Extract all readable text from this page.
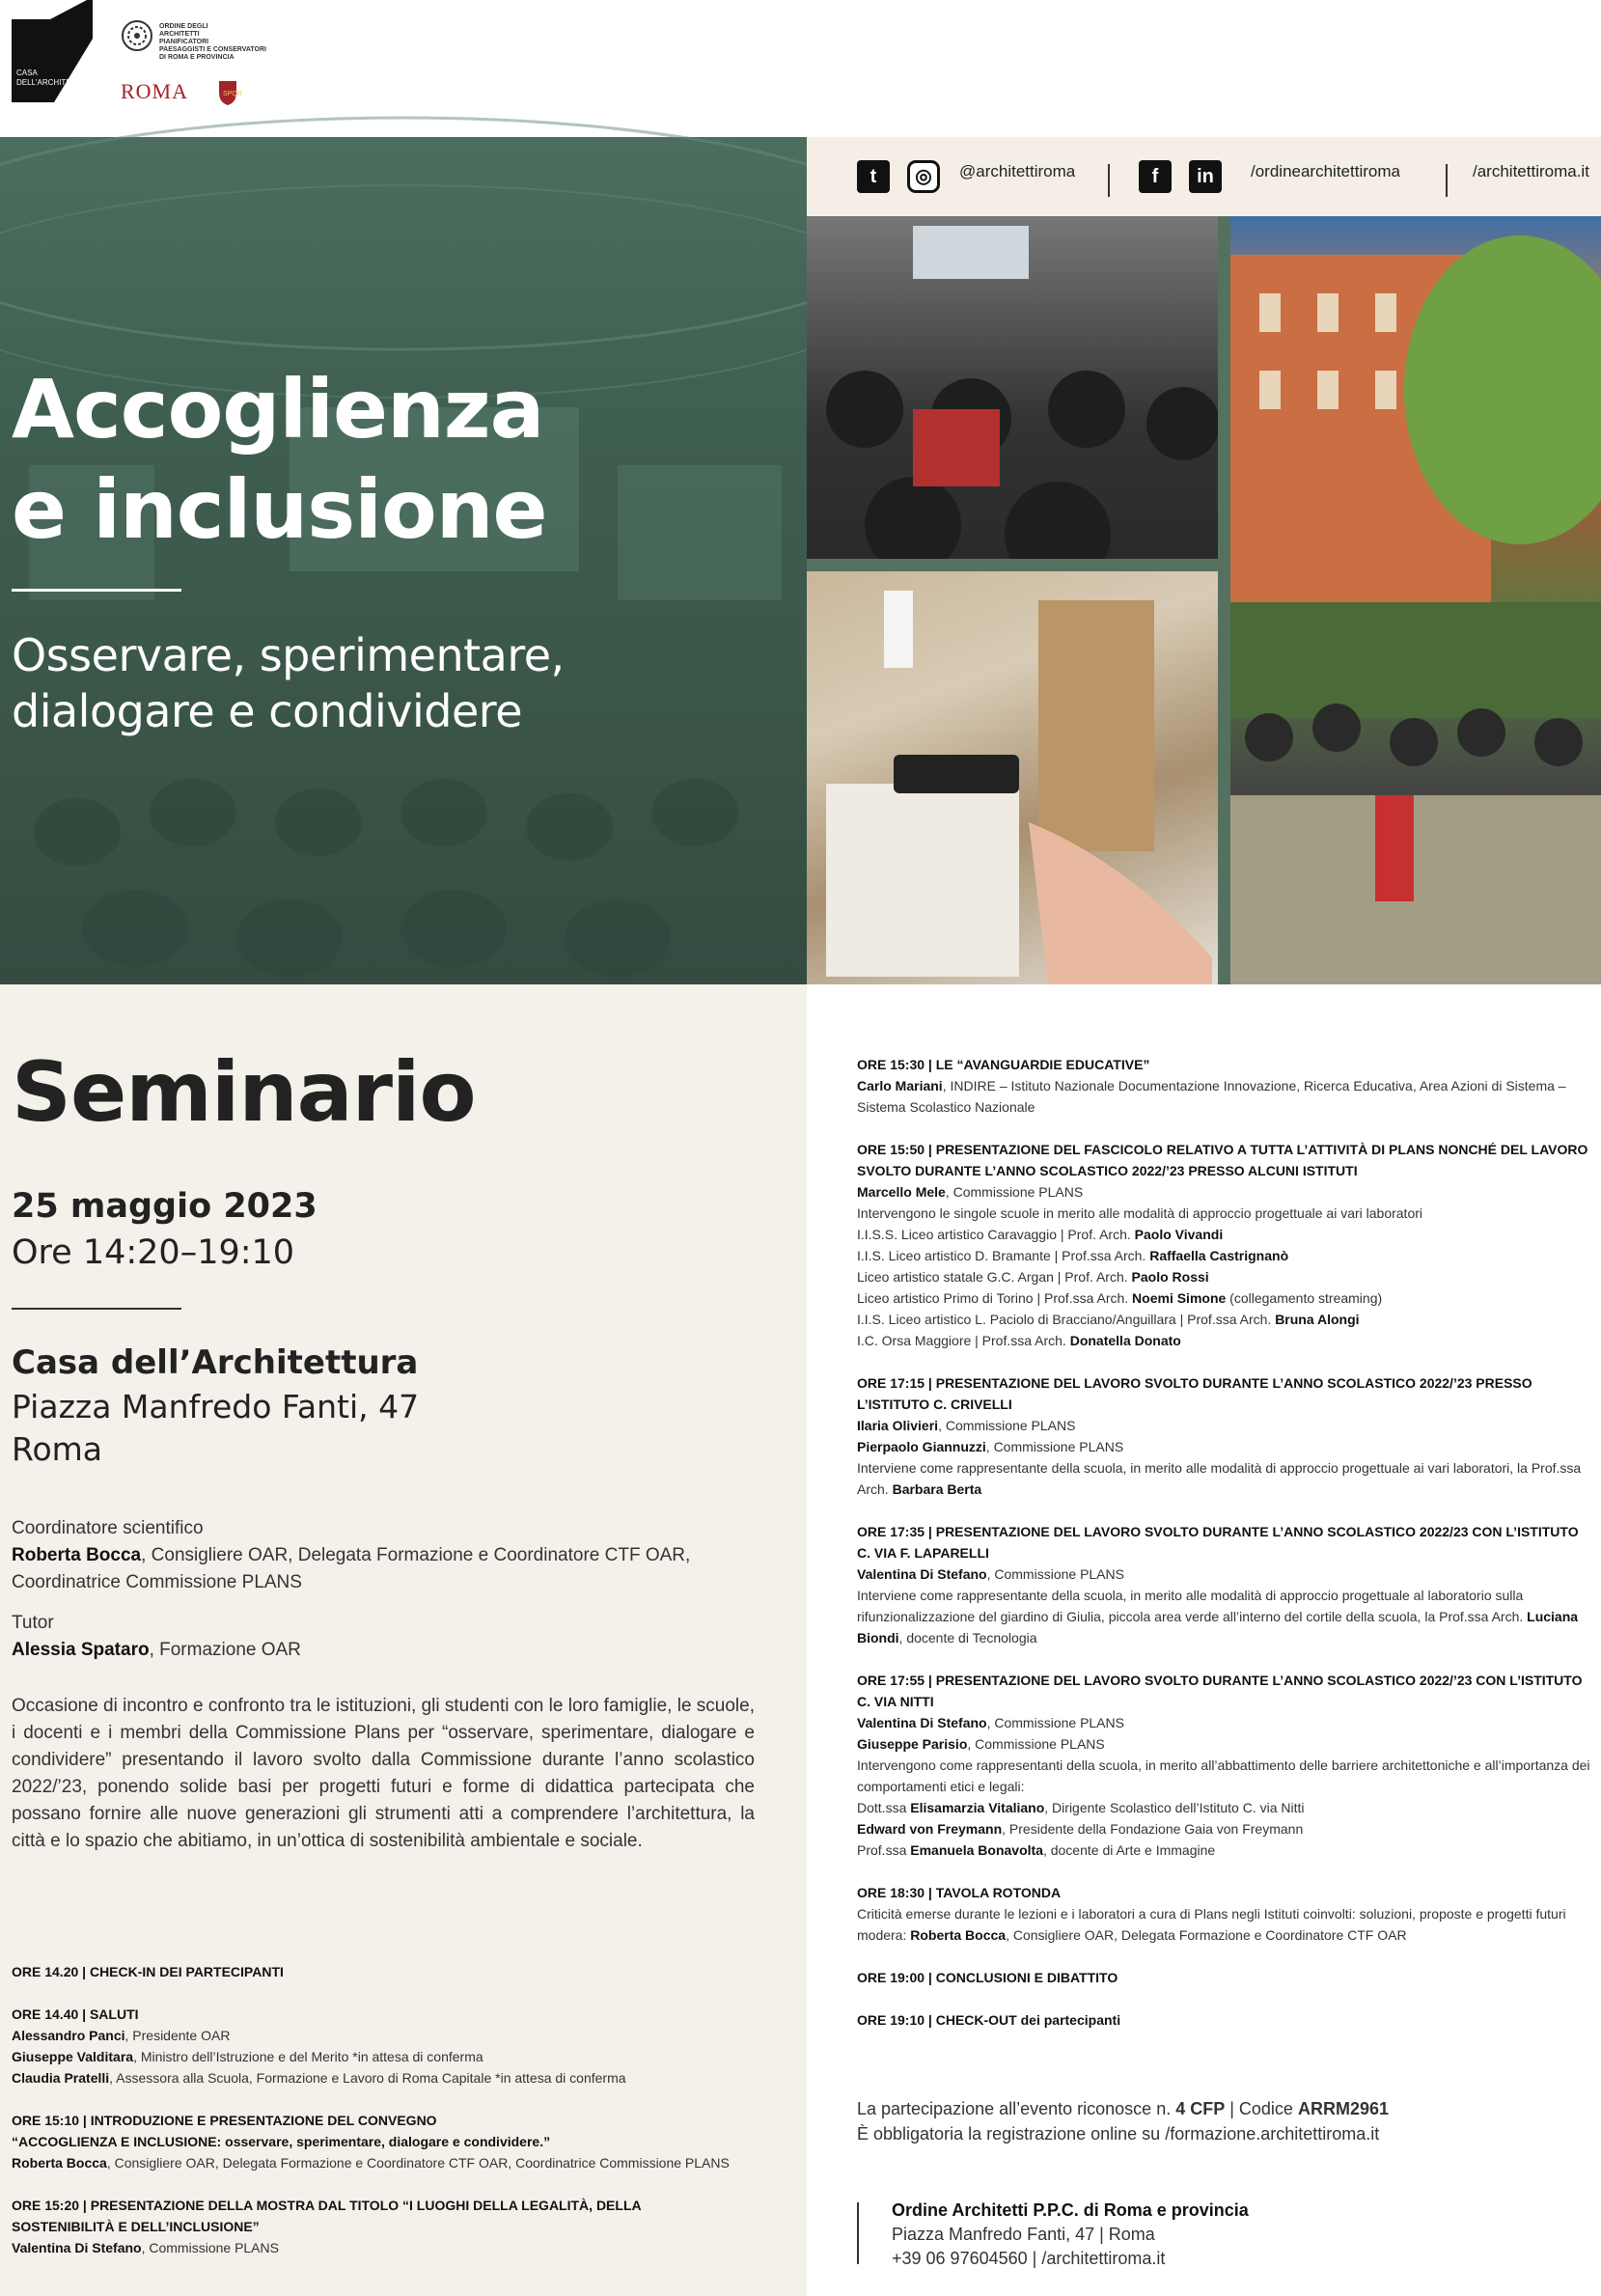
CASA
DELL'ARCHITETTURA
ORDINE DEGLI
ARCHITETTI
PIANIFICATORI
PAESAGGISTI E CONSERVATORI
DI ROMA E PROVINCIA
ROMA	SPQR
Accoglienza
e inclusione
Osservare, sperimentare,
dialogare e condividere
t	◎	@architettiroma	f	in	/ordinearchitettiroma	/architettiroma.it
Seminario
25 maggio 2023
Ore 14:20–19:10
Casa dell’Architettura
Piazza Manfredo Fanti, 47
Roma
Coordinatore scientifico
Roberta Bocca, Consigliere OAR, Delegata Formazione e Coordinatore CTF OAR, Coordinatrice Commissione PLANS
Tutor
Alessia Spataro, Formazione OAR
Occasione di incontro e confronto tra le istituzioni, gli studenti con le loro famiglie, le scuole, i docenti e i membri della Commissione Plans per “osservare, sperimentare, dialogare e condividere” presentando il lavoro svolto dalla Commissione durante l’anno scolastico 2022/’23, ponendo solide basi per progetti futuri e forme di didattica partecipata che possano fornire alle nuove generazioni gli strumenti atti a comprendere l’architettura, la città e lo spazio che abitiamo, in un’ottica di sostenibilità ambientale e sociale.
ORE 14.20 | CHECK-IN DEI PARTECIPANTI
ORE 14.40 | SALUTI
Alessandro Panci, Presidente OAR
Giuseppe Valditara, Ministro dell’Istruzione e del Merito *in attesa di conferma
Claudia Pratelli, Assessora alla Scuola, Formazione e Lavoro di Roma Capitale *in attesa di conferma
ORE 15:10 | INTRODUZIONE E PRESENTAZIONE DEL CONVEGNO
“ACCOGLIENZA E INCLUSIONE: osservare, sperimentare, dialogare e condividere.”
Roberta Bocca, Consigliere OAR, Delegata Formazione e Coordinatore CTF OAR, Coordinatrice Commissione PLANS
ORE 15:20 | PRESENTAZIONE DELLA MOSTRA DAL TITOLO “I LUOGHI DELLA LEGALITÀ, DELLA SOSTENIBILITÀ E DELL’INCLUSIONE”
Valentina Di Stefano, Commissione PLANS
ORE 15:30 | LE “AVANGUARDIE EDUCATIVE”
Carlo Mariani, INDIRE – Istituto Nazionale Documentazione Innovazione, Ricerca Educativa, Area Azioni di Sistema – Sistema Scolastico Nazionale
ORE 15:50 | PRESENTAZIONE DEL FASCICOLO RELATIVO A TUTTA L’ATTIVITÀ DI PLANS NONCHÉ DEL LAVORO SVOLTO DURANTE L’ANNO SCOLASTICO 2022/’23 PRESSO ALCUNI ISTITUTI
Marcello Mele, Commissione PLANS
Intervengono le singole scuole in merito alle modalità di approccio progettuale ai vari laboratori
I.I.S.S. Liceo artistico Caravaggio | Prof. Arch. Paolo Vivandi
I.I.S. Liceo artistico D. Bramante | Prof.ssa Arch. Raffaella Castrignanò
Liceo artistico statale G.C. Argan | Prof. Arch. Paolo Rossi
Liceo artistico Primo di Torino | Prof.ssa Arch. Noemi Simone (collegamento streaming)
I.I.S. Liceo artistico L. Paciolo di Bracciano/Anguillara | Prof.ssa Arch. Bruna Alongi
I.C. Orsa Maggiore | Prof.ssa Arch. Donatella Donato
ORE 17:15 | PRESENTAZIONE DEL LAVORO SVOLTO DURANTE L’ANNO SCOLASTICO 2022/’23 PRESSO L’ISTITUTO C. CRIVELLI
Ilaria Olivieri, Commissione PLANS
Pierpaolo Giannuzzi, Commissione PLANS
Interviene come rappresentante della scuola, in merito alle modalità di approccio progettuale ai vari laboratori, la Prof.ssa Arch. Barbara Berta
ORE 17:35 | PRESENTAZIONE DEL LAVORO SVOLTO DURANTE L’ANNO SCOLASTICO 2022/23 CON L’ISTITUTO C. VIA F. LAPARELLI
Valentina Di Stefano, Commissione PLANS
Interviene come rappresentante della scuola, in merito alle modalità di approccio progettuale al laboratorio sulla rifunzionalizzazione del giardino di Giulia, piccola area verde all’interno del cortile della scuola, la Prof.ssa Arch. Luciana Biondi, docente di Tecnologia
ORE 17:55 | PRESENTAZIONE DEL LAVORO SVOLTO DURANTE L’ANNO SCOLASTICO 2022/’23 CON L’ISTITUTO C. VIA NITTI
Valentina Di Stefano, Commissione PLANS
Giuseppe Parisio, Commissione PLANS
Intervengono come rappresentanti della scuola, in merito all’abbattimento delle barriere architettoniche e all’importanza dei comportamenti etici e legali:
Dott.ssa Elisamarzia Vitaliano, Dirigente Scolastico dell’Istituto C. via Nitti
Edward von Freymann, Presidente della Fondazione Gaia von Freymann
Prof.ssa Emanuela Bonavolta, docente di Arte e Immagine
ORE 18:30 | TAVOLA ROTONDA
Criticità emerse durante le lezioni e i laboratori a cura di Plans negli Istituti coinvolti: soluzioni, proposte e progetti futuri
modera: Roberta Bocca, Consigliere OAR, Delegata Formazione e Coordinatore CTF OAR
ORE 19:00 | CONCLUSIONI E DIBATTITO
ORE 19:10 | CHECK-OUT dei partecipanti
La partecipazione all’evento riconosce n. 4 CFP | Codice ARRM2961
È obbligatoria la registrazione online su /formazione.architettiroma.it
Ordine Architetti P.P.C. di Roma e provincia
Piazza Manfredo Fanti, 47 | Roma
+39 06 97604560 | /architettiroma.it
